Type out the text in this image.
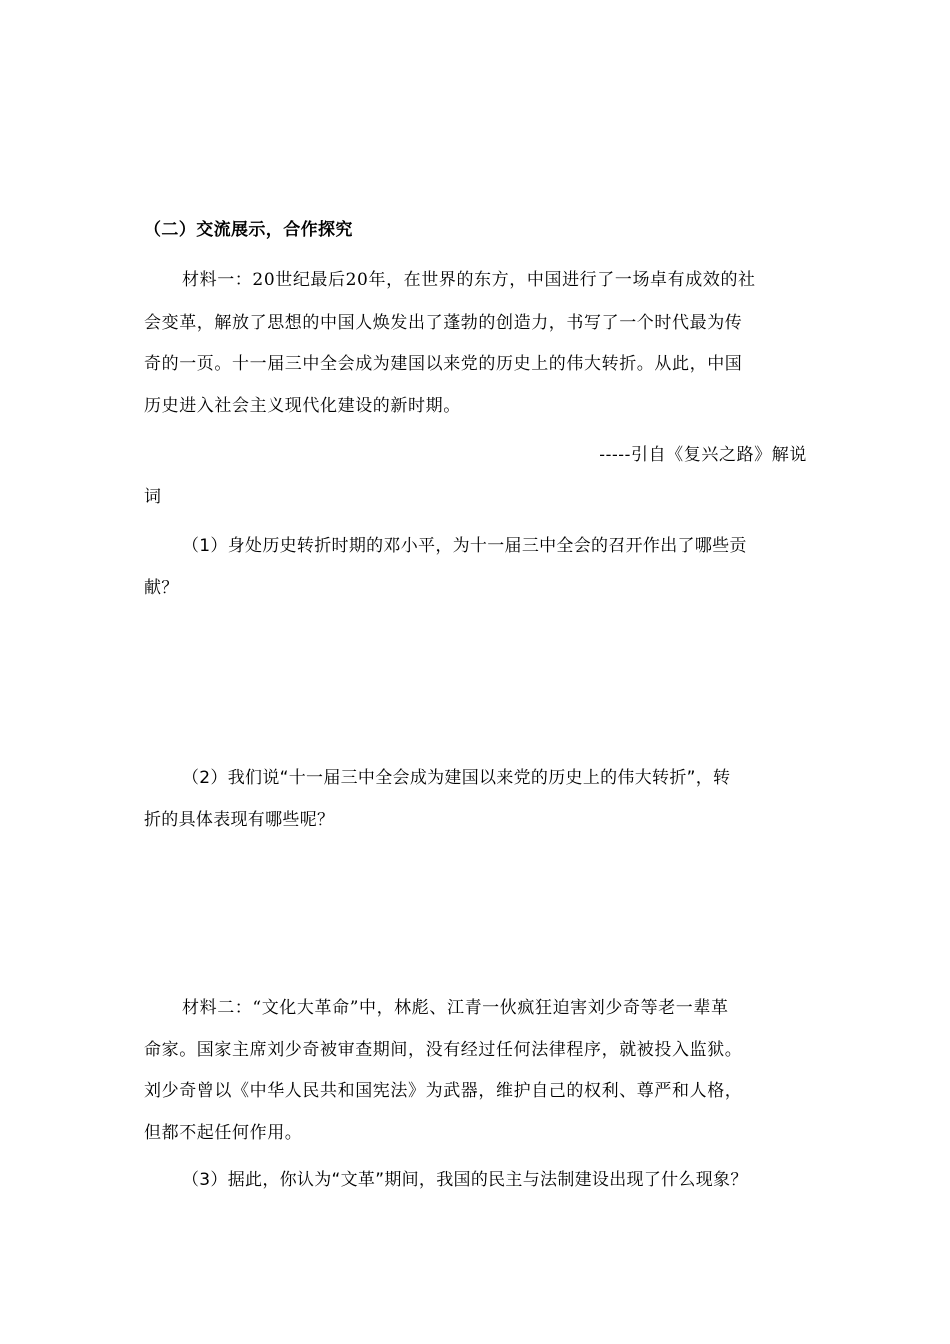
（二）交流展示，合作探究
材料一：20世纪最后20年，在世界的东方，中国进行了一场卓有成效的社
会变革，解放了思想的中国人焕发出了蓬勃的创造力，书写了一个时代最为传
奇的一页。十一届三中全会成为建国以来党的历史上的伟大转折。从此，中国
历史进入社会主义现代化建设的新时期。
-----引自《复兴之路》解说
词
（1）身处历史转折时期的邓小平，为十一届三中全会的召开作出了哪些贡
献？
（2）我们说“十一届三中全会成为建国以来党的历史上的伟大转折”，转
折的具体表现有哪些呢？
材料二：“文化大革命”中，林彪、江青一伙疯狂迫害刘少奇等老一辈革
命家。国家主席刘少奇被审查期间，没有经过任何法律程序，就被投入监狱。
刘少奇曾以《中华人民共和国宪法》为武器，维护自己的权利、尊严和人格，
但都不起任何作用。
（3）据此，你认为“文革”期间，我国的民主与法制建设出现了什么现象？
